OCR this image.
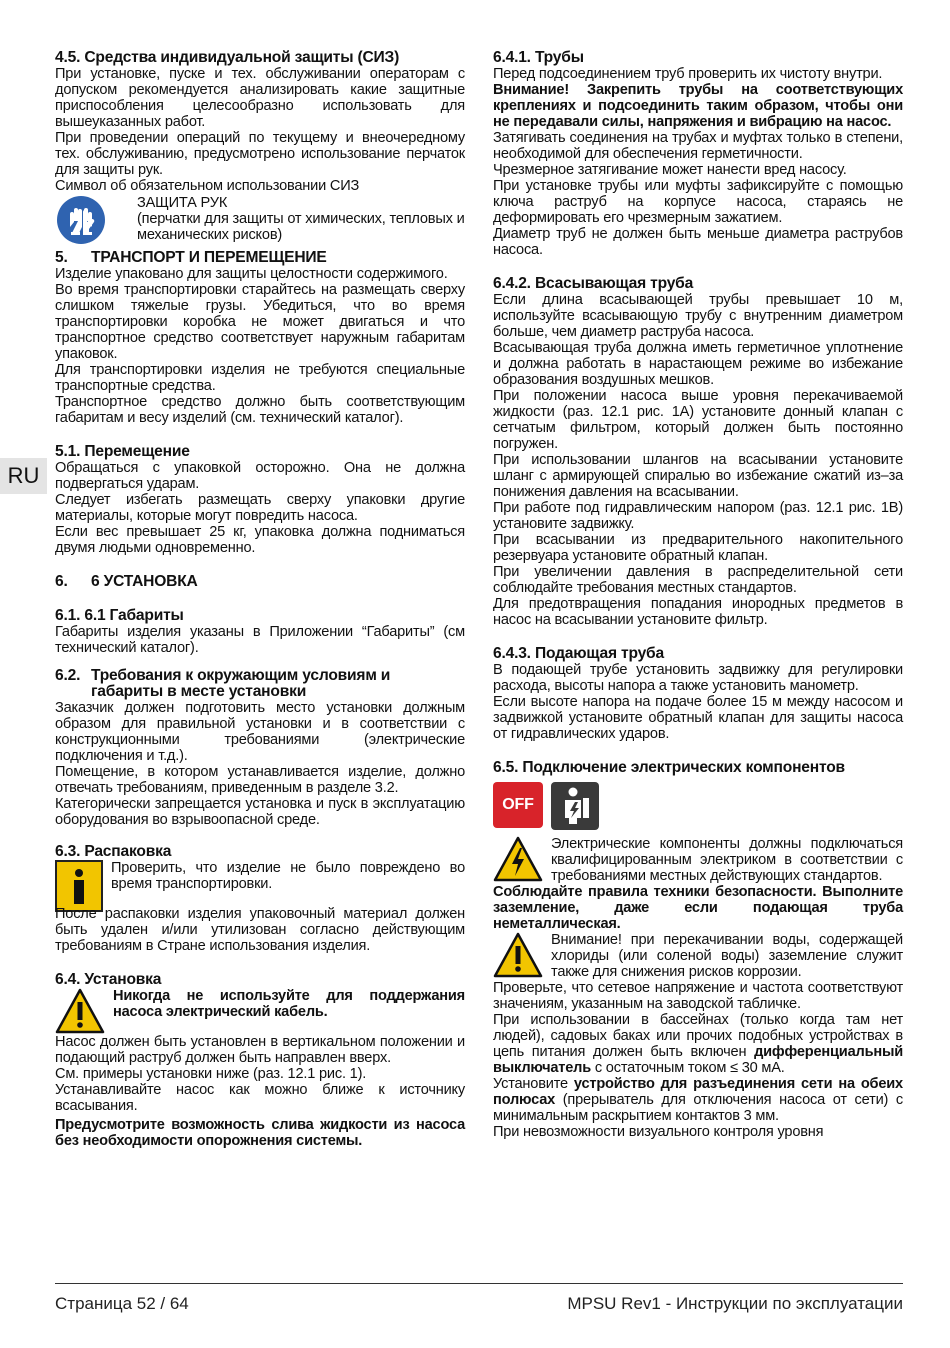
RU
4.5. Средства индивидуальной защиты (СИЗ)

При установке, пуске и тех. обслуживании операторам с допуском рекомендуется анализировать какие защитные приспособления целесообразно использовать для вышеуказанных работ.

При проведении операций по текущему и внеочередному тех. обслуживанию, предусмотрено использование перчаток для защиты рук.

Символ об обязательном использовании СИЗ

ЗАЩИТА РУК

(перчатки для защиты от химических, тепловых и механических рисков)

5.	ТРАНСПОРТ И ПЕРЕМЕЩЕНИЕ

Изделие упаковано для защиты целостности содержимого.

Во время транспортировки старайтесь на размещать сверху слишком тяжелые грузы. Убедиться, что во время транспортировки коробка не может двигаться и что транспортное средство соответствует наружным габаритам упаковок.

Для транспортировки изделия не требуются специальные транспортные средства.

Транспортное средство должно быть соответствующим габаритам и весу изделий (см. технический каталог).

5.1. Перемещение

Обращаться с упаковкой осторожно. Она не должна подвергаться ударам.

Следует избегать размещать сверху упаковки другие материалы, которые могут повредить насоса.

Если вес превышает 25 кг, упаковка должна подниматься двумя людьми одновременно.

6.	6 УСТАНОВКА
6.1. 6.1 Габариты

Габариты изделия указаны в Приложении “Габариты” (см технический каталог).

6.2. Требования к окружающим условиям и габариты в месте установки

Заказчик должен подготовить место установки должным образом для правильной установки и в соответствии с конструкционными требованиями (электрические подключения и т.д.).

Помещение, в котором устанавливается изделие, должно отвечать требованиям, приведенным в разделе 3.2.

Категорически запрещается установка и пуск в эксплуатацию оборудования во взрывоопасной среде.

6.3. Распаковка

Проверить, что изделие не было повреждено во время транспортировки.

После распаковки изделия упаковочный материал должен быть удален и/или утилизован согласно действующим требованиям в Стране использования изделия.

6.4. Установка

Никогда не используйте для поддержания насоса электрический кабель.

Насос должен быть установлен в вертикальном положении и подающий раструб должен быть направлен вверх.

См. примеры установки ниже (раз. 12.1 рис. 1).

Устанавливайте насос как можно ближе к источнику всасывания.

Предусмотрите возможность слива жидкости из насоса без необходимости опорожнения системы.

6.4.1. Трубы

Перед подсоединением труб проверить их чистоту внутри.

Внимание! Закрепить трубы на соответствующих креплениях и подсоединить таким образом, чтобы они не передавали силы, напряжения и вибрацию на насос.

Затягивать соединения на трубах и муфтах только в степени, необходимой для обеспечения герметичности.

Чрезмерное затягивание может нанести вред насосу.

При установке трубы или муфты зафиксируйте с помощью ключа раструб на корпусе насоса, стараясь не деформировать его чрезмерным зажатием.

Диаметр труб не должен быть меньше диаметра раструбов насоса.

6.4.2. Всасывающая труба

Если длина всасывающей трубы превышает 10 м, используйте всасывающую трубу с внутренним диаметром больше, чем диаметр раструба насоса.

Всасывающая труба должна иметь герметичное уплотнение и должна работать в нарастающем режиме во избежание образования воздушных мешков.

При положении насоса выше уровня перекачиваемой жидкости (раз. 12.1 рис. 1A) установите донный клапан с сетчатым фильтром, который должен быть постоянно погружен.

При использовании шлангов на всасывании установите шланг с армирующей спиралью во избежание сжатий из–за понижения давления на всасывании.

При работе под гидравлическим напором (раз. 12.1 рис. 1B) установите задвижку.

При всасывании из предварительного накопительного резервуара установите обратный клапан.

При увеличении давления в распределительной сети соблюдайте требования местных стандартов.

Для предотвращения попадания инородных предметов в насос на всасывании установите фильтр.

6.4.3. Подающая труба

В подающей трубе установить задвижку для регулировки расхода, высоты напора а также установить манометр.

Если высоте напора на подаче более 15 м между насосом и задвижкой установите обратный клапан для защиты насоса от гидравлических ударов.

6.5. Подключение электрических компонентов
OFF

Электрические компоненты должны подключаться квалифицированным электриком в соответствии с требованиями местных действующих стандартов.

Соблюдайте правила техники безопасности. Выполните заземление, даже если подающая труба неметаллическая.

Внимание! при перекачивании воды, содержащей хлориды (или соленой воды) заземление служит также для снижения рисков коррозии.

Проверьте, что сетевое напряжение и частота соответствуют значениям, указанным на заводской табличке.

При использовании в бассейнах (только когда там нет людей), садовых баках или прочих подобных устройствах в цепь питания должен быть включен дифференциальный выключатель с остаточным током ≤ 30 мА.

Установите устройство для разъединения сети на обеих полюсах (прерыватель для отключения насоса от сети) с минимальным раскрытием контактов 3 мм.

При невозможности визуального контроля уровня

Страница 52 / 64	MPSU Rev1 - Инструкции по эксплуатации
